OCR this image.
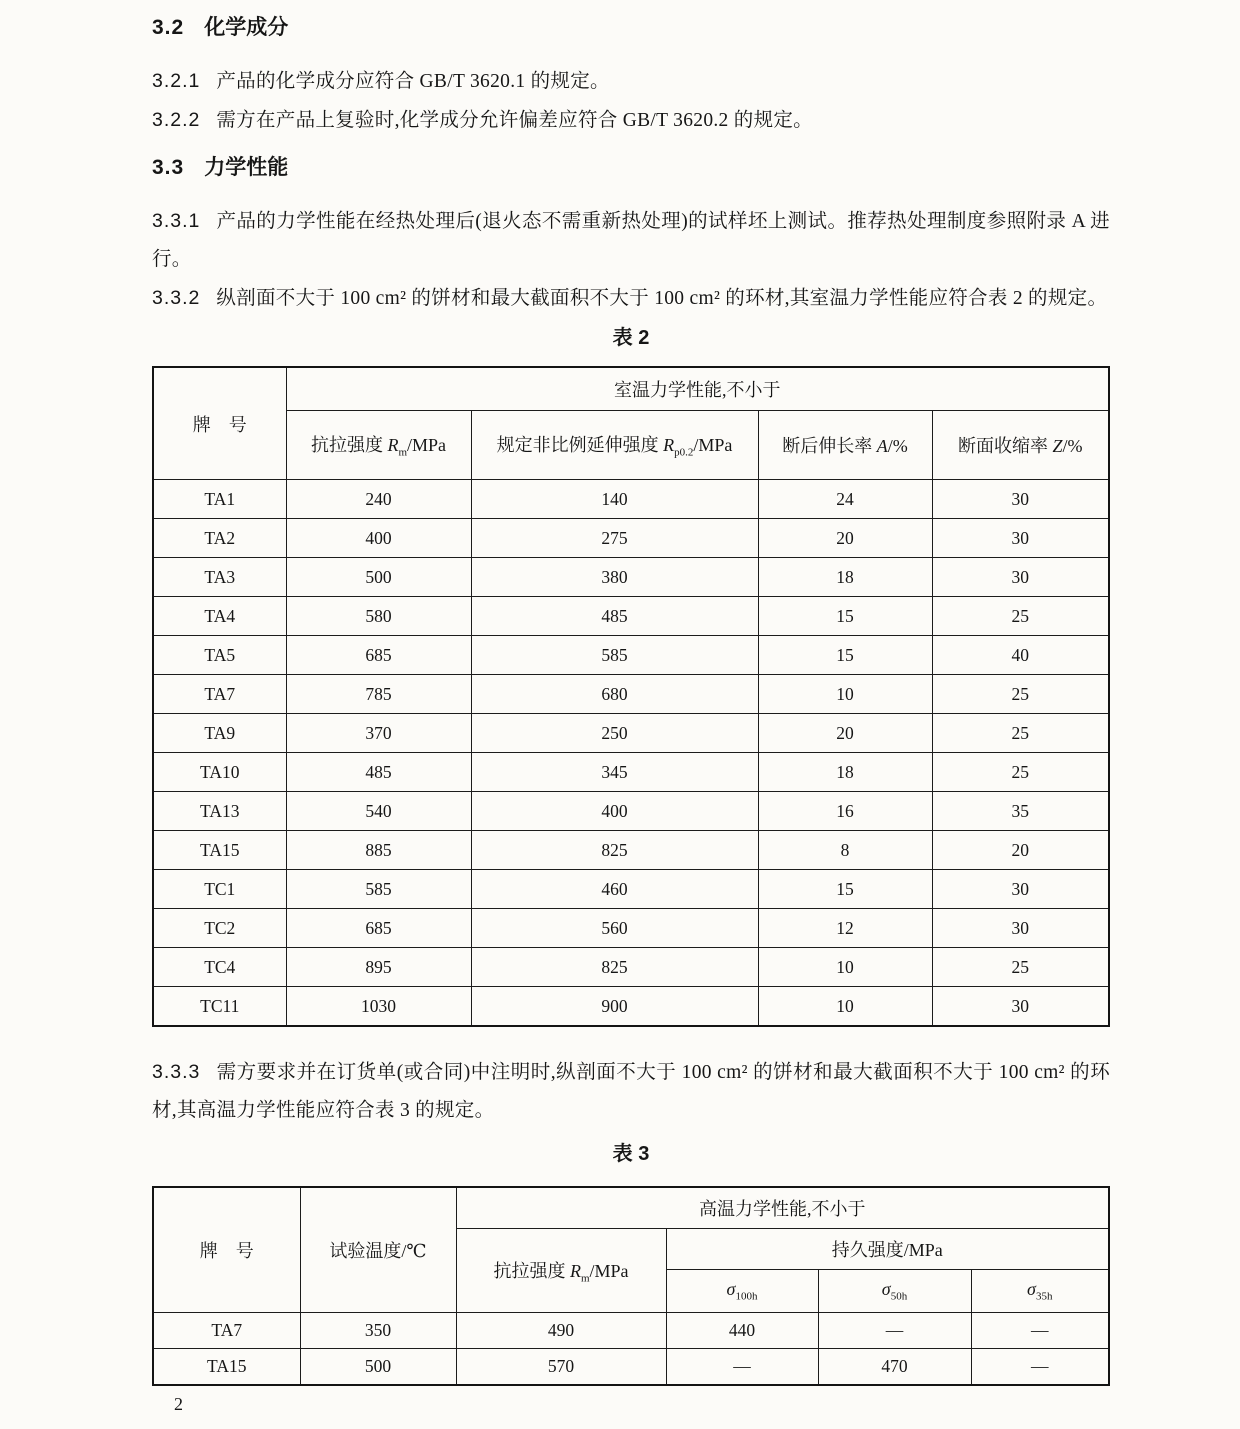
3.2 化学成分
3.2.1 产品的化学成分应符合 GB/T 3620.1 的规定。
3.2.2 需方在产品上复验时,化学成分允许偏差应符合 GB/T 3620.2 的规定。
3.3 力学性能
3.3.1 产品的力学性能在经热处理后(退火态不需重新热处理)的试样坯上测试。推荐热处理制度参照附录 A 进行。
3.3.2 纵剖面不大于 100 cm² 的饼材和最大截面积不大于 100 cm² 的环材,其室温力学性能应符合表 2 的规定。
表 2
牌　号	室温力学性能,不小于			
	抗拉强度 $R_m$/MPa	规定非比例延伸强度 $R_{p0.2}$/MPa	断后伸长率 A/%	断面收缩率 Z/%
TA1	240	140	24	30
TA2	400	275	20	30
TA3	500	380	18	30
TA4	580	485	15	25
TA5	685	585	15	40
TA7	785	680	10	25
TA9	370	250	20	25
TA10	485	345	18	25
TA13	540	400	16	35
TA15	885	825	8	20
TC1	585	460	15	30
TC2	685	560	12	30
TC4	895	825	10	25
TC11	1030	900	10	30
3.3.3 需方要求并在订货单(或合同)中注明时,纵剖面不大于 100 cm² 的饼材和最大截面积不大于 100 cm² 的环材,其高温力学性能应符合表 3 的规定。
表 3
牌　号	试验温度/℃	高温力学性能,不小于			
		抗拉强度 $R_m$/MPa	持久强度/MPa		
			$\sigma_{100h}$	$\sigma_{50h}$	$\sigma_{35h}$
TA7	350	490	440	—	—
TA15	500	570	—	470	—
2
